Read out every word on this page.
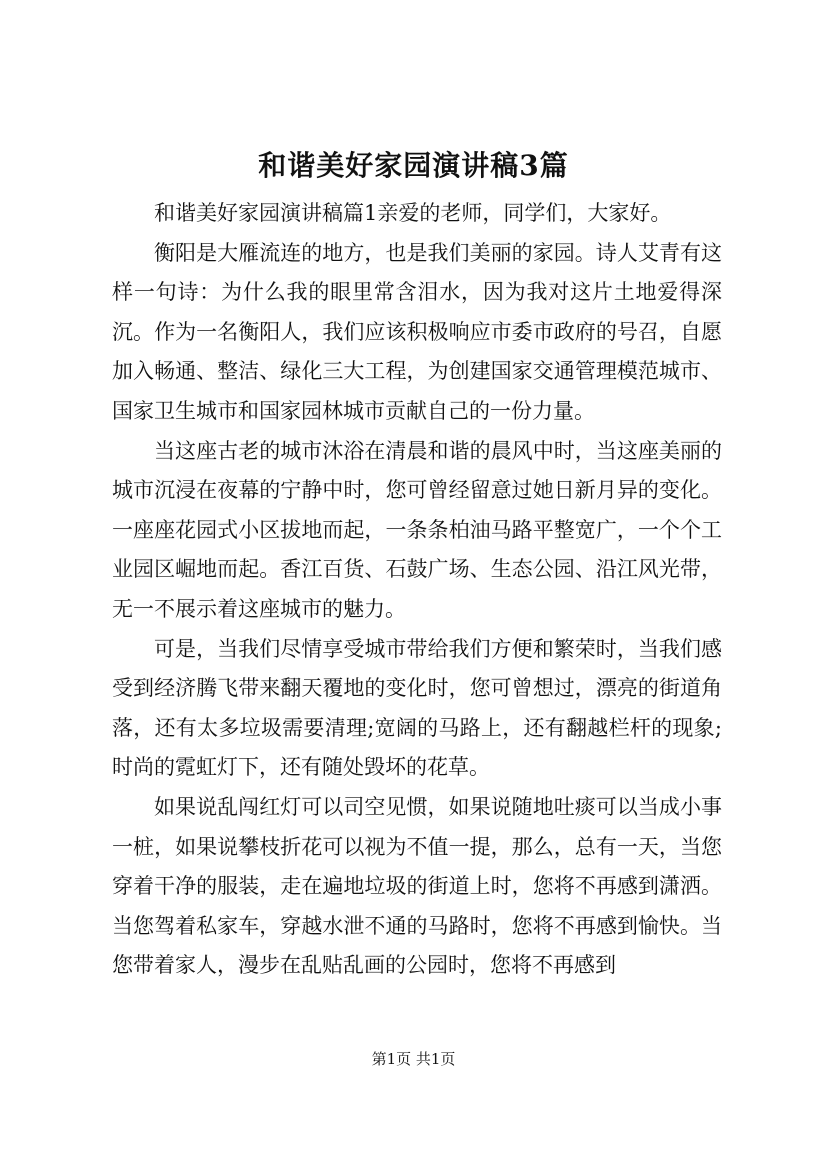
和谐美好家园演讲稿3篇

和谐美好家园演讲稿篇1亲爱的老师，同学们，大家好。

衡阳是大雁流连的地方，也是我们美丽的家园。诗人艾青有这样一句诗：为什么我的眼里常含泪水，因为我对这片土地爱得深沉。作为一名衡阳人，我们应该积极响应市委市政府的号召，自愿加入畅通、整洁、绿化三大工程，为创建国家交通管理模范城市、国家卫生城市和国家园林城市贡献自己的一份力量。

当这座古老的城市沐浴在清晨和谐的晨风中时，当这座美丽的城市沉浸在夜幕的宁静中时，您可曾经留意过她日新月异的变化。一座座花园式小区拔地而起，一条条柏油马路平整宽广，一个个工业园区崛地而起。香江百货、石鼓广场、生态公园、沿江风光带，无一不展示着这座城市的魅力。

可是，当我们尽情享受城市带给我们方便和繁荣时，当我们感受到经济腾飞带来翻天覆地的变化时，您可曾想过，漂亮的街道角落，还有太多垃圾需要清理;宽阔的马路上，还有翻越栏杆的现象;时尚的霓虹灯下，还有随处毁坏的花草。

如果说乱闯红灯可以司空见惯，如果说随地吐痰可以当成小事一桩，如果说攀枝折花可以视为不值一提，那么，总有一天，当您穿着干净的服装，走在遍地垃圾的街道上时，您将不再感到潇洒。当您驾着私家车，穿越水泄不通的马路时，您将不再感到愉快。当您带着家人，漫步在乱贴乱画的公园时，您将不再感到

第1页 共1页
